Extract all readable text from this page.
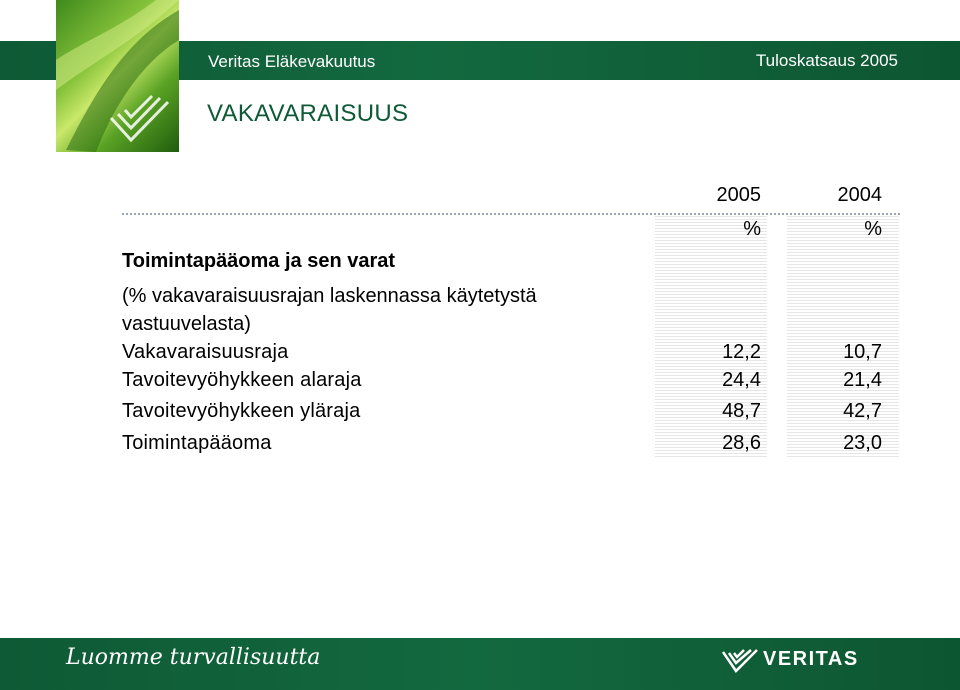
Veritas Eläkevakuutus	Tuloskatsaus 2005
VAKAVARAISUUS
2005	2004
%	%
Toimintapääoma ja sen varat
(% vakavaraisuusrajan laskennassa käytetystä vastuuvelasta)
Vakavaraisuusraja	12,2	10,7
Tavoitevyöhykkeen alaraja	24,4	21,4
Tavoitevyöhykkeen yläraja	48,7	42,7
Toimintapääoma	28,6	23,0
Luomme turvallisuutta	VERITAS
